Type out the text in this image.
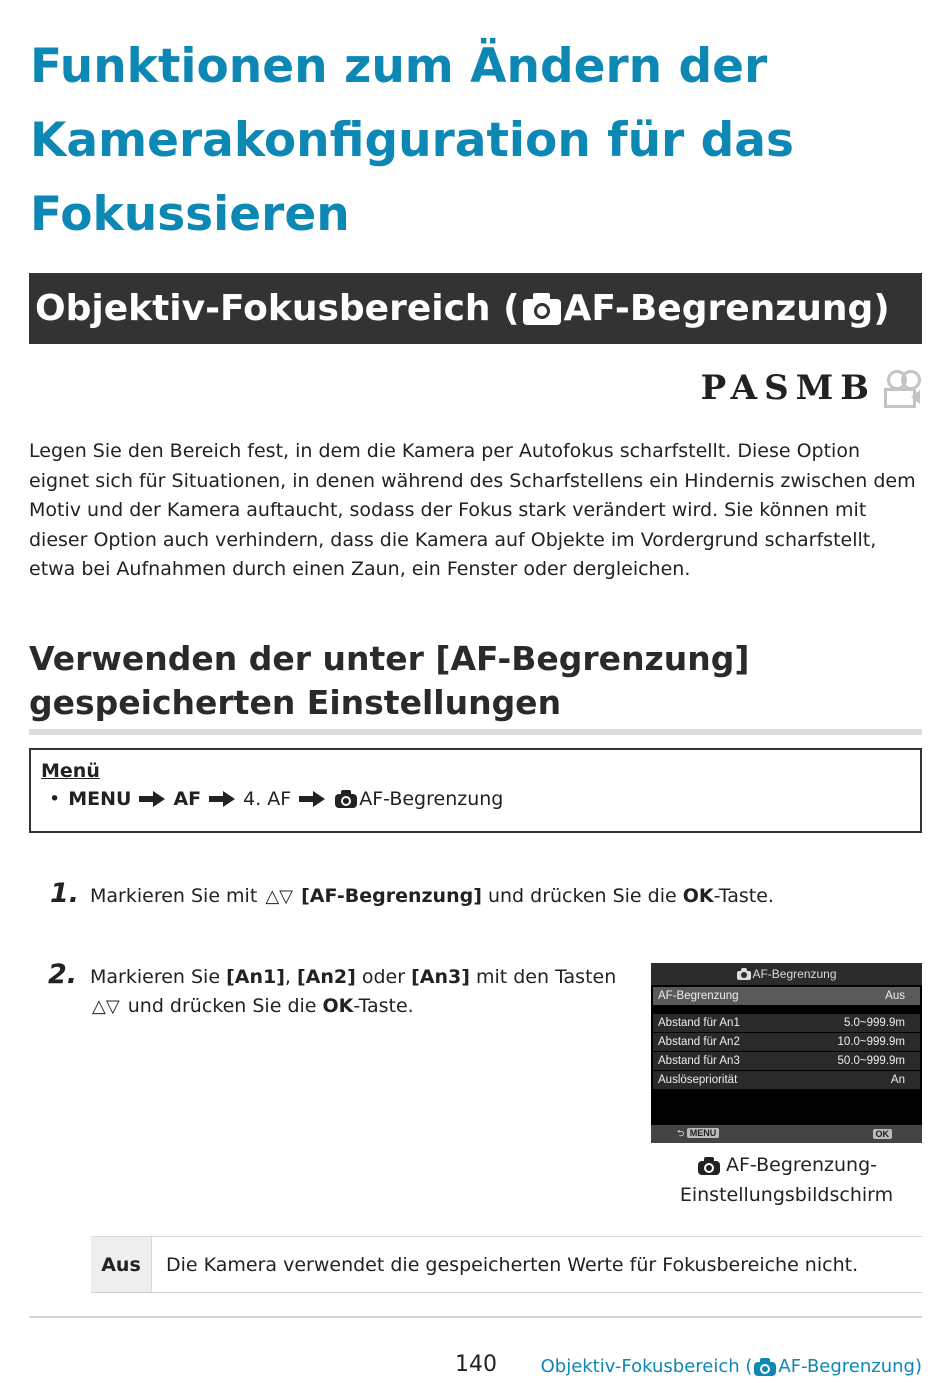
Funktionen zum Ändern der Kamerakonfiguration für das Fokussieren
Objektiv-Fokusbereich ( AF-Begrenzung)
PASMB

Legen Sie den Bereich fest, in dem die Kamera per Autofokus scharfstellt. Diese Option eignet sich für Situationen, in denen während des Scharfstellens ein Hindernis zwischen dem Motiv und der Kamera auftaucht, sodass der Fokus stark verändert wird. Sie können mit dieser Option auch verhindern, dass die Kamera auf Objekte im Vordergrund scharfstellt, etwa bei Aufnahmen durch einen Zaun, ein Fenster oder dergleichen.

Verwenden der unter [AF-Begrenzung] gespeicherten Einstellungen
Menü
• MENU AF 4. AF	AF-Begrenzung
1. Markieren Sie mit △▽ [AF-Begrenzung] und drücken Sie die OK-Taste.
2. Markieren Sie [An1], [An2] oder [An3] mit den Tasten △▽ und drücken Sie die OK-Taste.
AF-Begrenzung
AF-Begrenzung	Aus
Abstand für An1	5.0~999.9m
Abstand für An2	10.0~999.9m
Abstand für An3	50.0~999.9m
Auslösepriorität	An
⮌ MENU	OK
AF-Begrenzung-
Einstellungsbildschirm
Aus	Die Kamera verwendet die gespeicherten Werte für Fokusbereiche nicht.
140 Objektiv-Fokusbereich ( AF-Begrenzung)
